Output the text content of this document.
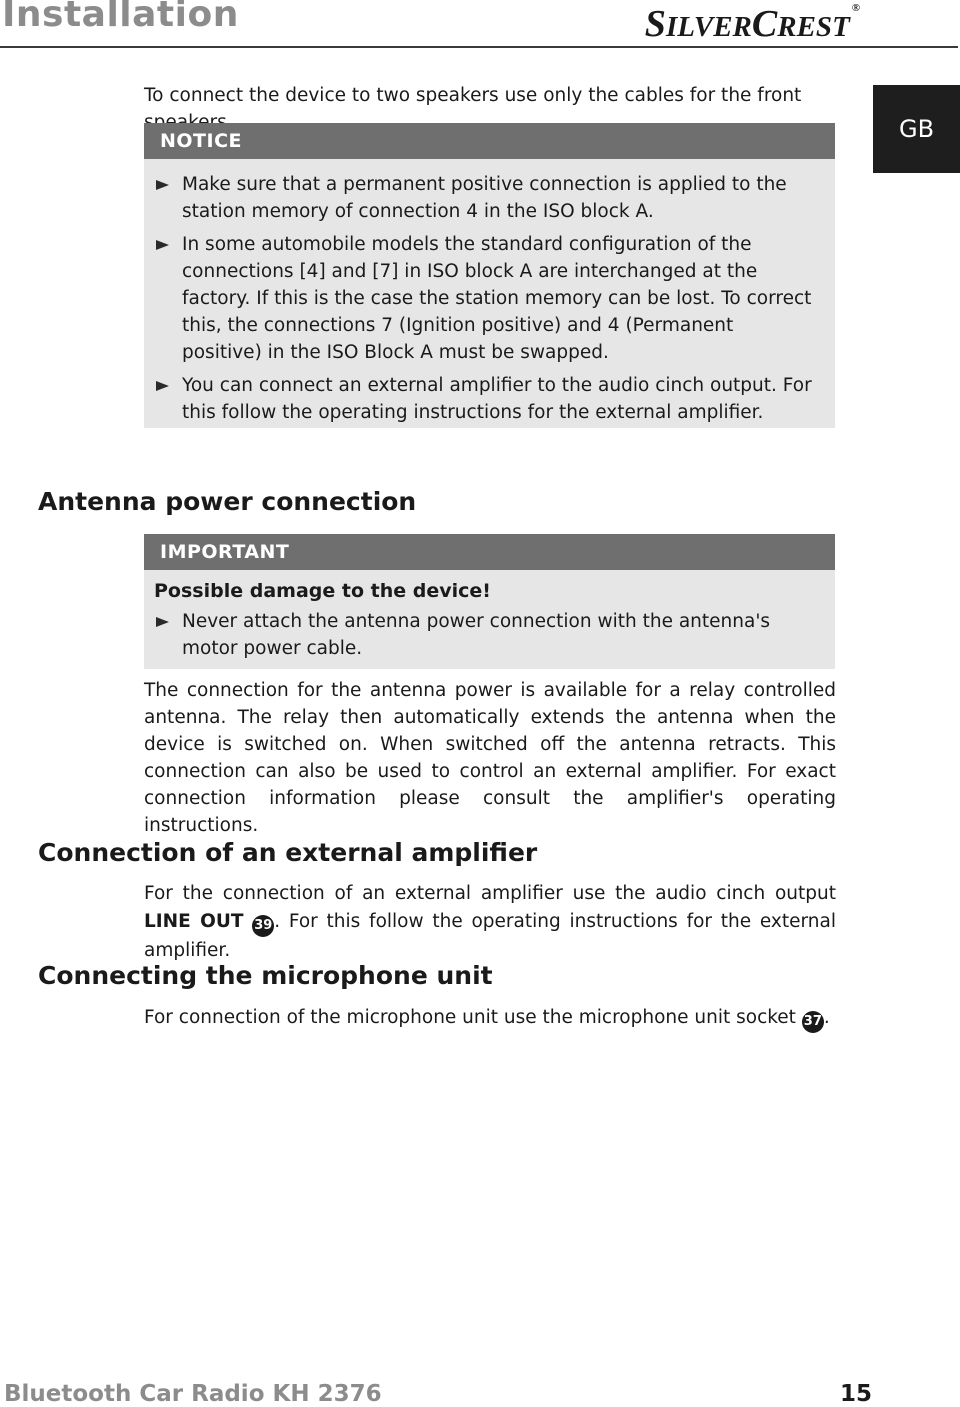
Installation	SILVERCREST®
GB
To connect the device to two speakers use only the cables for the front
NOTICE
Make sure that a permanent positive connection is applied to the station memory of connection 4 in the ISO block A.
In some automobile models the standard configuration of the connections [4] and [7] in ISO block A are interchanged at the factory. If this is the case the station memory can be lost. To correct this, the connections 7 (Ignition positive) and 4 (Permanent positive) in the ISO Block A must be swapped.
You can connect an external amplifier to the audio cinch output. For this follow the operating instructions for the external amplifier.
Antenna power connection
IMPORTANT
Possible damage to the device!
Never attach the antenna power connection with the antenna's motor power cable.
The connection for the antenna power is available for a relay controlled antenna. The relay then automatically extends the antenna when the device is switched on. When switched off the antenna retracts. This connection can also be used to control an external amplifier. For exact connection information please consult the amplifier's operating instructions.
Connection of an external amplifier
For the connection of an external amplifier use the audio cinch output LINE OUT 39 . For this follow the operating instructions for the external amplifier.
Connecting the microphone unit
For connection of the microphone unit use the microphone unit socket 37 .
Bluetooth Car Radio KH 2376	15
